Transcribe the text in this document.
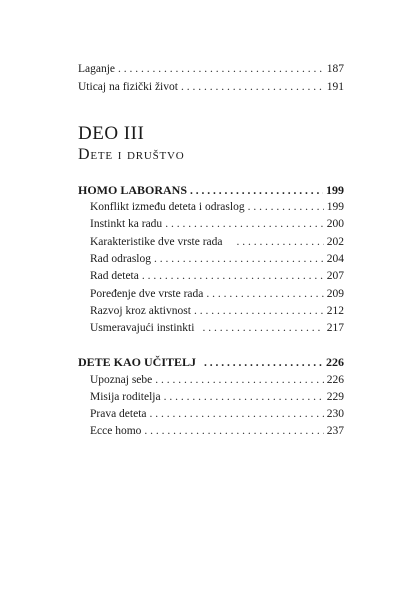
Laganje . . .	187
Uticaj na fizički život . . .	191
DEO III
Dete i društvo
HOMO LABORANS . . .	199
Konflikt između deteta i odraslog . . .	199
Instinkt ka radu . . .	200
Karakteristike dve vrste rada . . .	202
Rad odraslog . . .	204
Rad deteta . . .	207
Poređenje dve vrste rada . . .	209
Razvoj kroz aktivnost . . .	212
Usmeravajući instinkti . . .	217
DETE KAO UČITELJ . . .	226
Upoznaj sebe . . .	226
Misija roditelja . . .	229
Prava deteta . . .	230
Ecce homo . . .	237
